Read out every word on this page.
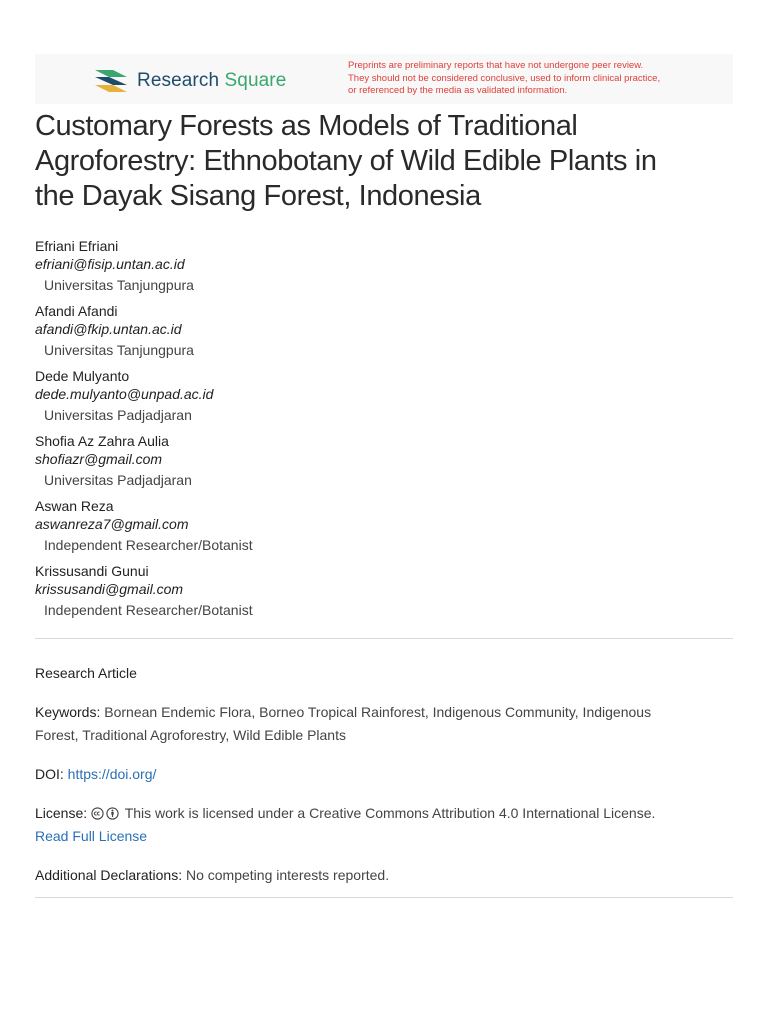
Research Square
Preprints are preliminary reports that have not undergone peer review.
They should not be considered conclusive, used to inform clinical practice,
or referenced by the media as validated information.
Customary Forests as Models of Traditional
Agroforestry: Ethnobotany of Wild Edible Plants in
the Dayak Sisang Forest, Indonesia
Efriani Efriani
efriani@fisip.untan.ac.id
Universitas Tanjungpura
Afandi Afandi
afandi@fkip.untan.ac.id
Universitas Tanjungpura
Dede Mulyanto
dede.mulyanto@unpad.ac.id
Universitas Padjadjaran
Shofia Az Zahra Aulia
shofiazr@gmail.com
Universitas Padjadjaran
Aswan Reza
aswanreza7@gmail.com
Independent Researcher/Botanist
Krissusandi Gunui
krissusandi@gmail.com
Independent Researcher/Botanist
Research Article
Keywords: Bornean Endemic Flora, Borneo Tropical Rainforest, Indigenous Community, Indigenous
Forest, Traditional Agroforestry, Wild Edible Plants
DOI: https://doi.org/
License:	This work is licensed under a Creative Commons Attribution 4.0 International License.
Read Full License
Additional Declarations: No competing interests reported.
